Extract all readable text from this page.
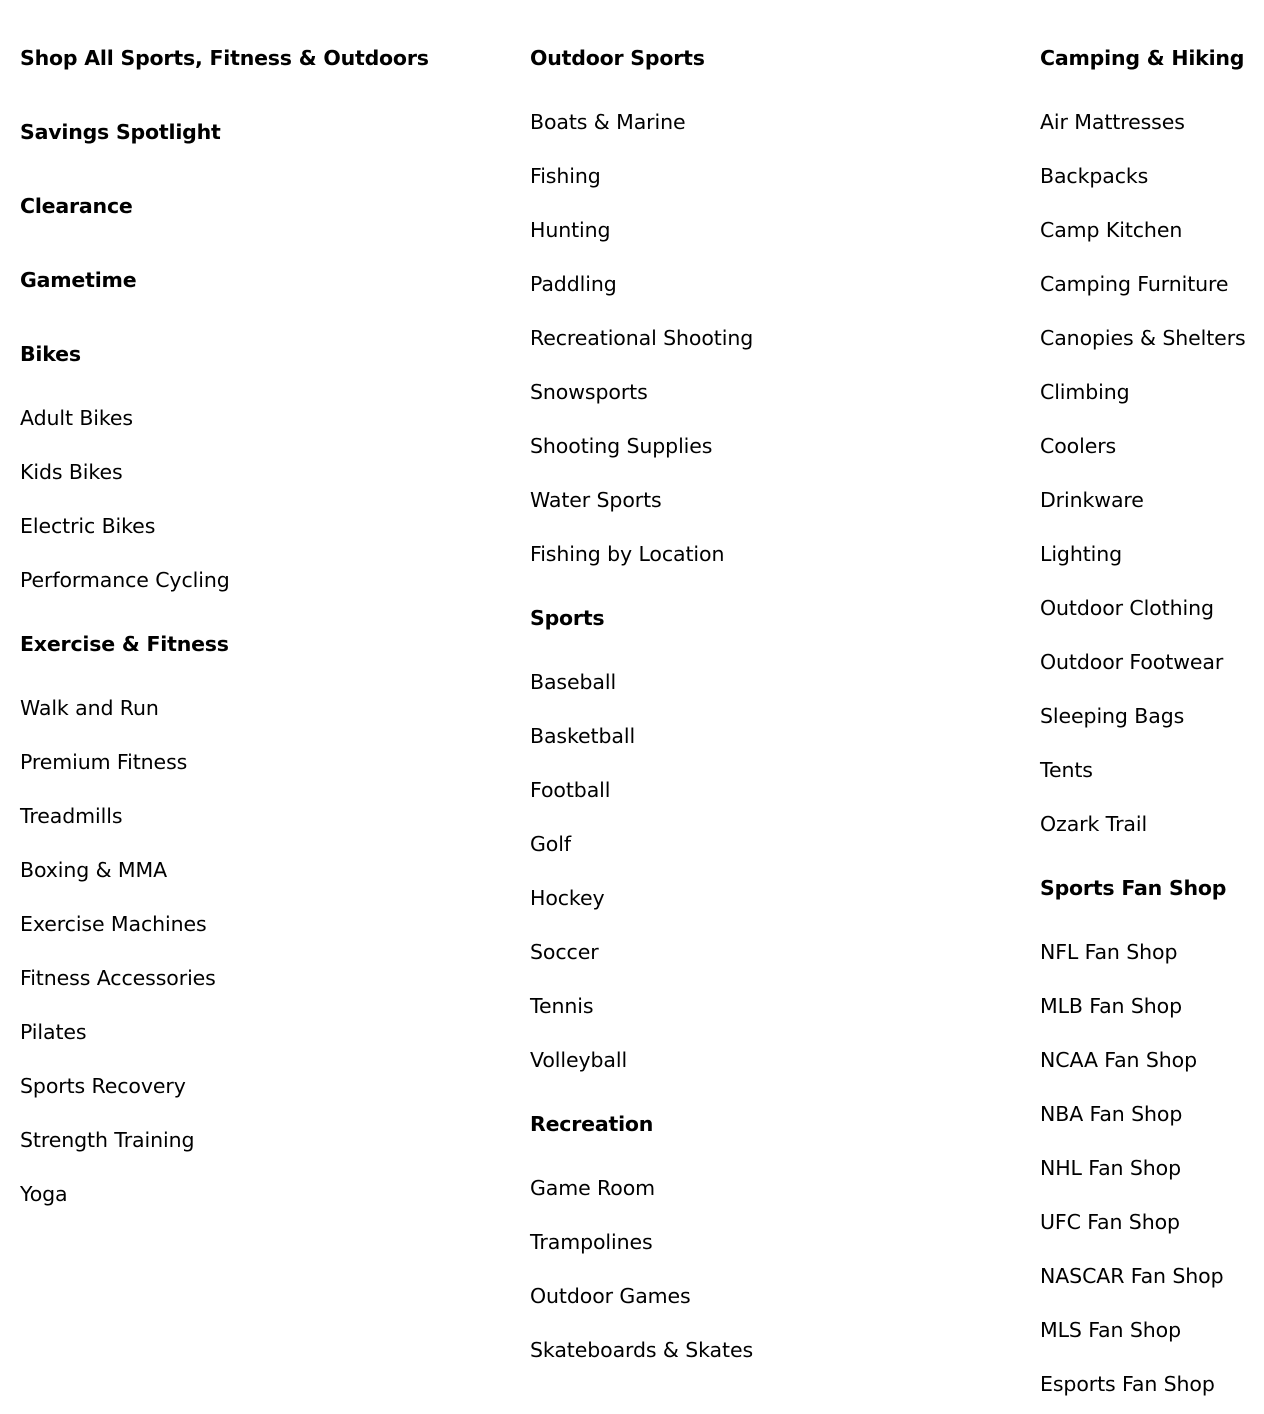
Shop All Sports, Fitness & Outdoors
Savings Spotlight
Clearance
Gametime
Bikes
Adult Bikes
Kids Bikes
Electric Bikes
Performance Cycling
Exercise & Fitness
Walk and Run
Premium Fitness
Treadmills
Boxing & MMA
Exercise Machines
Fitness Accessories
Pilates
Sports Recovery
Strength Training
Yoga
Outdoor Sports
Boats & Marine
Fishing
Hunting
Paddling
Recreational Shooting
Snowsports
Shooting Supplies
Water Sports
Fishing by Location
Sports
Baseball
Basketball
Football
Golf
Hockey
Soccer
Tennis
Volleyball
Recreation
Game Room
Trampolines
Outdoor Games
Skateboards & Skates
Camping & Hiking
Air Mattresses
Backpacks
Camp Kitchen
Camping Furniture
Canopies & Shelters
Climbing
Coolers
Drinkware
Lighting
Outdoor Clothing
Outdoor Footwear
Sleeping Bags
Tents
Ozark Trail
Sports Fan Shop
NFL Fan Shop
MLB Fan Shop
NCAA Fan Shop
NBA Fan Shop
NHL Fan Shop
UFC Fan Shop
NASCAR Fan Shop
MLS Fan Shop
Esports Fan Shop
